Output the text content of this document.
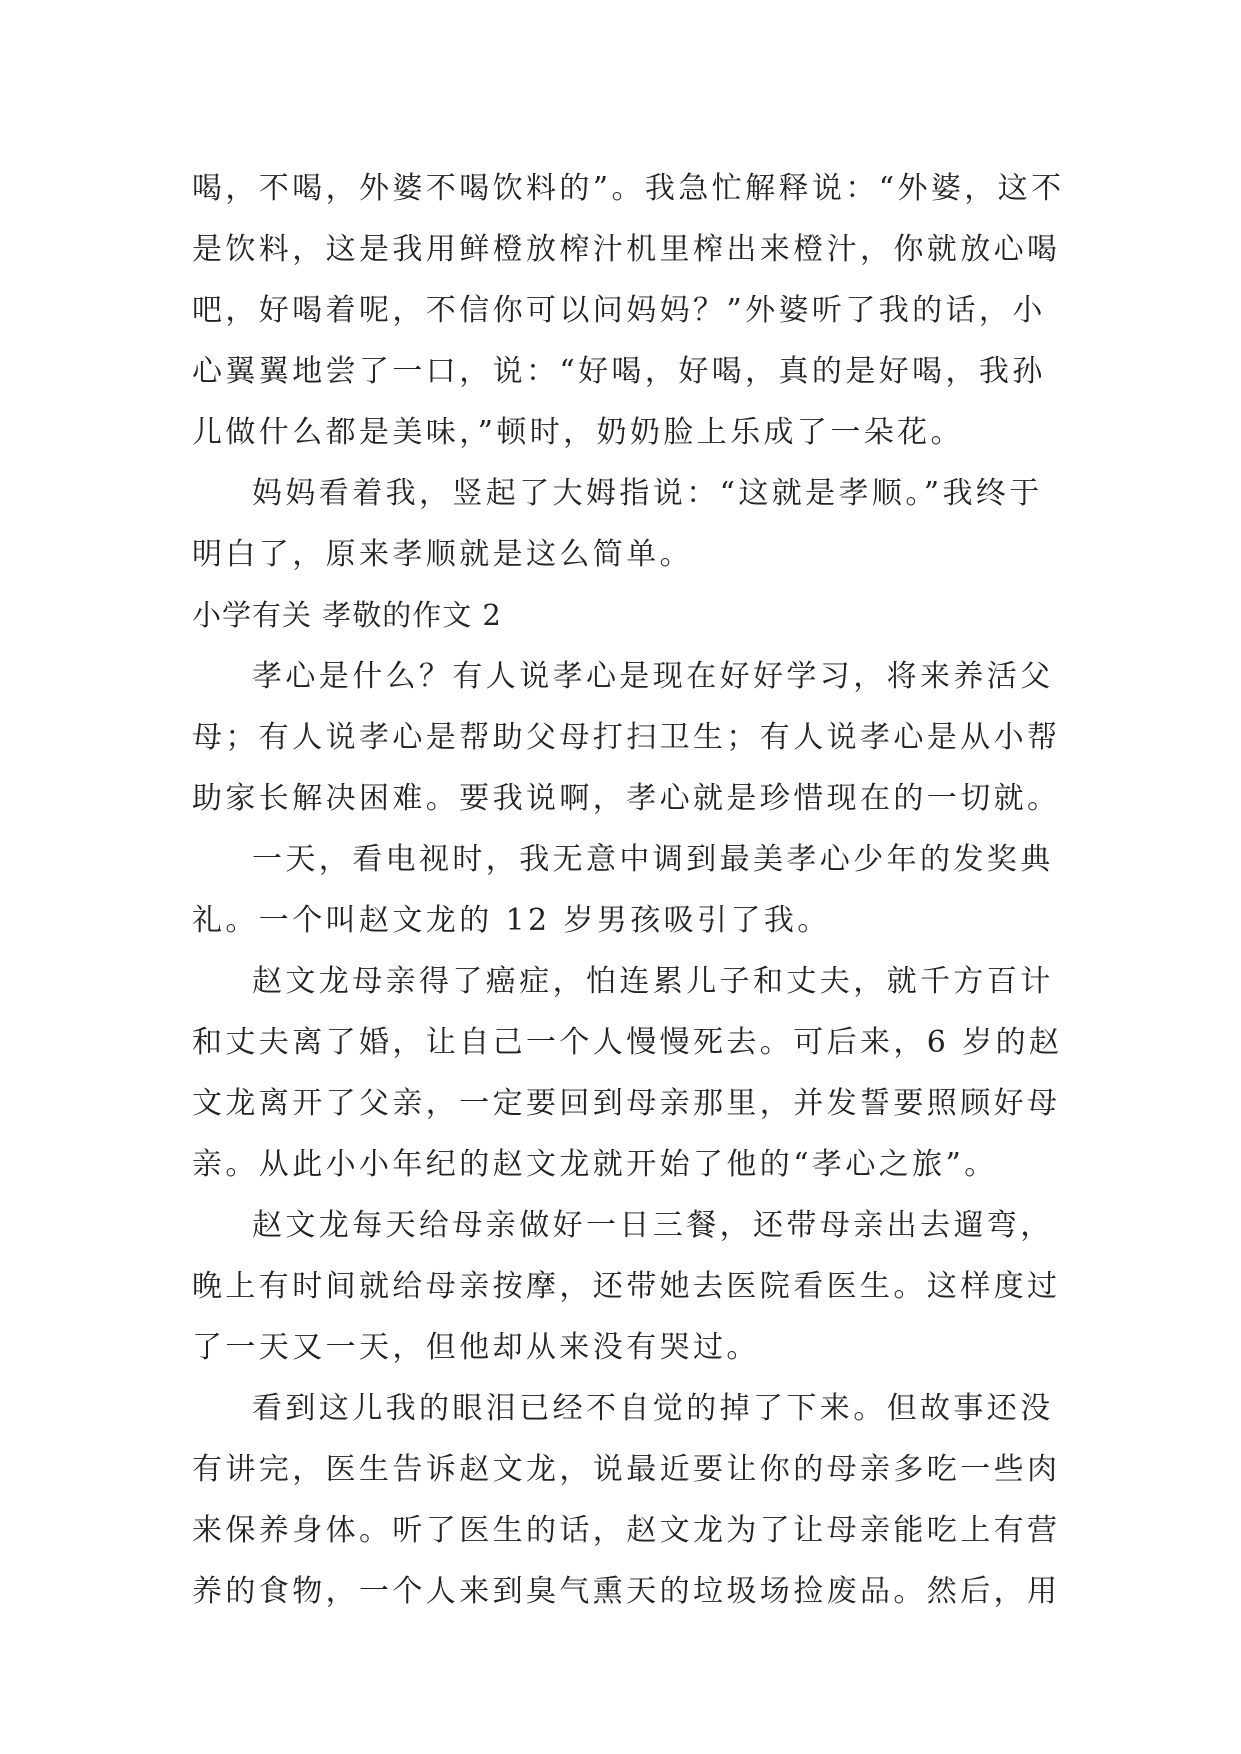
喝，不喝，外婆不喝饮料的”。我急忙解释说：“外婆，这不
是饮料，这是我用鲜橙放榨汁机里榨出来橙汁，你就放心喝
吧，好喝着呢，不信你可以问妈妈？”外婆听了我的话，小
心翼翼地尝了一口，说：“好喝，好喝，真的是好喝，我孙
儿做什么都是美味，”顿时，奶奶脸上乐成了一朵花。
妈妈看着我，竖起了大姆指说：“这就是孝顺。”我终于
明白了，原来孝顺就是这么简单。
小学有关 孝敬的作文 2
孝心是什么？有人说孝心是现在好好学习，将来养活父
母；有人说孝心是帮助父母打扫卫生；有人说孝心是从小帮
助家长解决困难。要我说啊，孝心就是珍惜现在的一切就。
一天，看电视时，我无意中调到最美孝心少年的发奖典
礼。一个叫赵文龙的 12 岁男孩吸引了我。
赵文龙母亲得了癌症，怕连累儿子和丈夫，就千方百计
和丈夫离了婚，让自己一个人慢慢死去。可后来，6 岁的赵
文龙离开了父亲，一定要回到母亲那里，并发誓要照顾好母
亲。从此小小年纪的赵文龙就开始了他的“孝心之旅”。
赵文龙每天给母亲做好一日三餐，还带母亲出去遛弯，
晚上有时间就给母亲按摩，还带她去医院看医生。这样度过
了一天又一天，但他却从来没有哭过。
看到这儿我的眼泪已经不自觉的掉了下来。但故事还没
有讲完，医生告诉赵文龙，说最近要让你的母亲多吃一些肉
来保养身体。听了医生的话，赵文龙为了让母亲能吃上有营
养的食物，一个人来到臭气熏天的垃圾场捡废品。然后，用
